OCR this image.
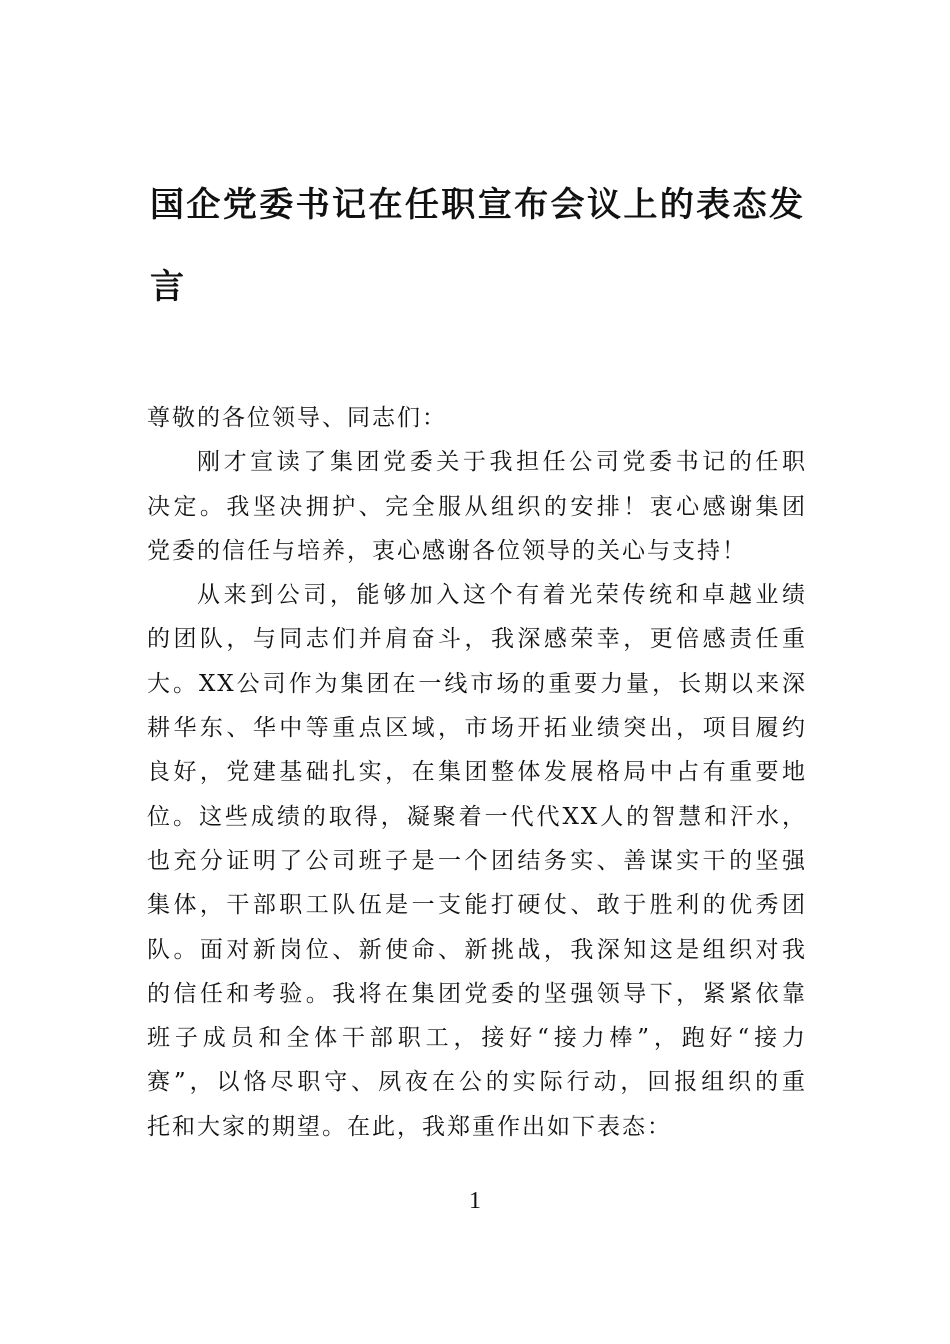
国企党委书记在任职宣布会议上的表态发
言
尊敬的各位领导、同志们：
刚才宣读了集团党委关于我担任公司党委书记的任职
决定。我坚决拥护、完全服从组织的安排！衷心感谢集团
党委的信任与培养，衷心感谢各位领导的关心与支持！
从来到公司，能够加入这个有着光荣传统和卓越业绩
的团队，与同志们并肩奋斗，我深感荣幸，更倍感责任重
大。XX公司作为集团在一线市场的重要力量，长期以来深
耕华东、华中等重点区域，市场开拓业绩突出，项目履约
良好，党建基础扎实，在集团整体发展格局中占有重要地
位。这些成绩的取得，凝聚着一代代XX人的智慧和汗水，
也充分证明了公司班子是一个团结务实、善谋实干的坚强
集体，干部职工队伍是一支能打硬仗、敢于胜利的优秀团
队。面对新岗位、新使命、新挑战，我深知这是组织对我
的信任和考验。我将在集团党委的坚强领导下，紧紧依靠
班子成员和全体干部职工，接好“接力棒”，跑好“接力
赛”，以恪尽职守、夙夜在公的实际行动，回报组织的重
托和大家的期望。在此，我郑重作出如下表态：
1
